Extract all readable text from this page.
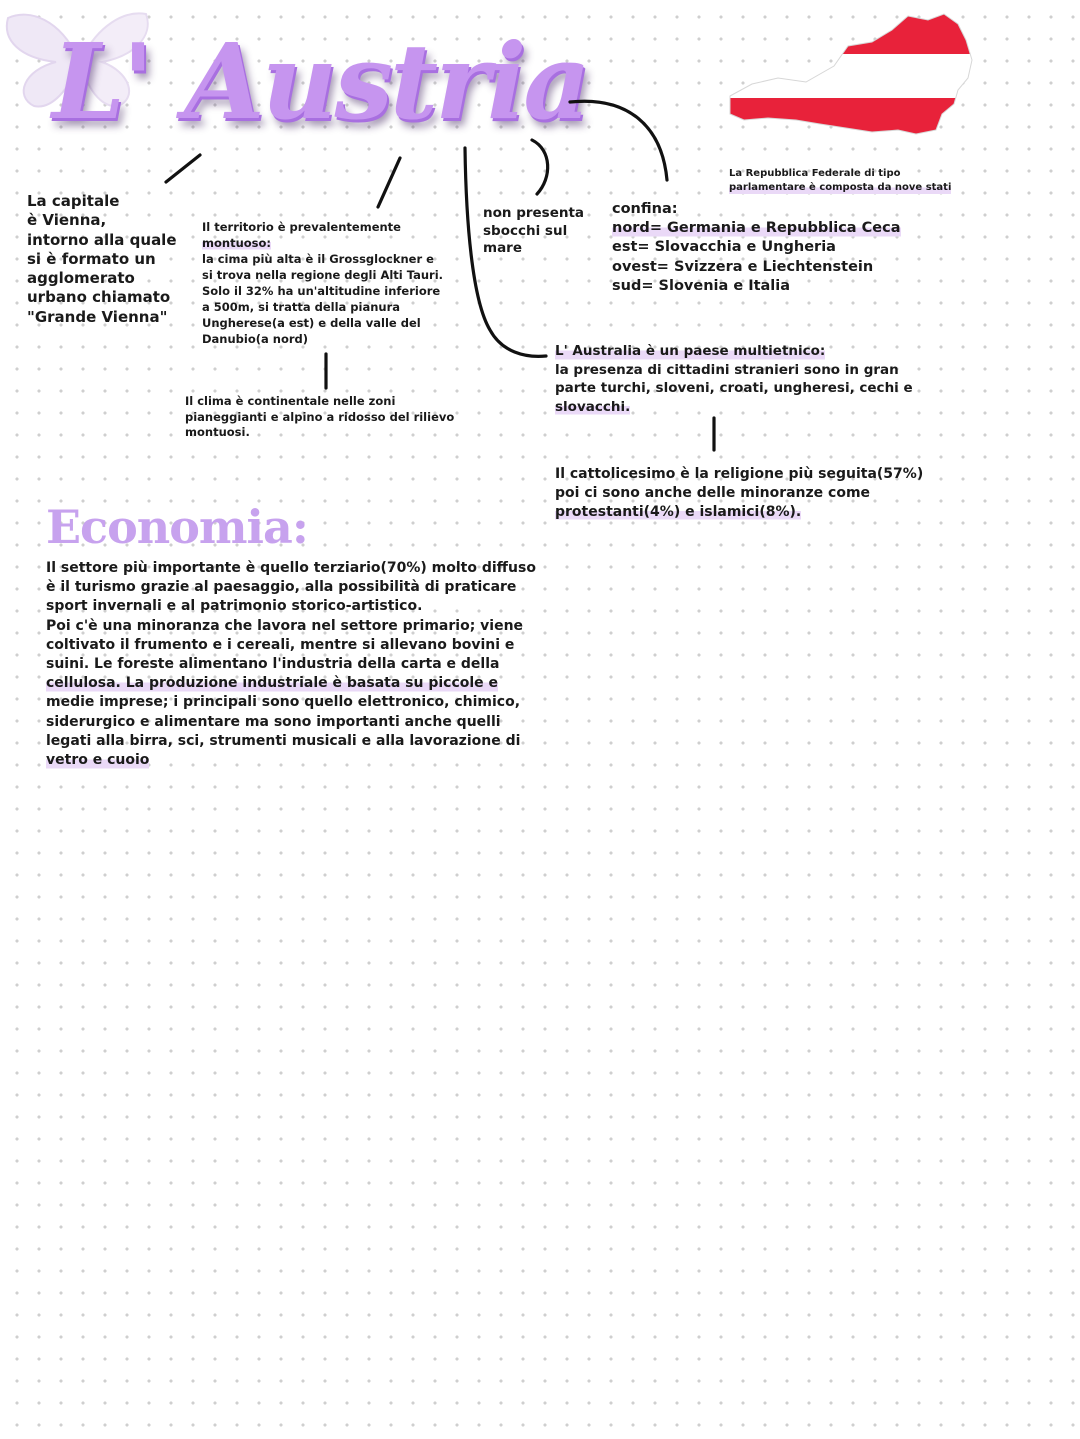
L' Austria
La capitale
è Vienna,
intorno alla quale
si è formato un
agglomerato
urbano chiamato
"Grande Vienna"
Il territorio è prevalentemente
montuoso:
la cima più alta è il Grossglockner e
si trova nella regione degli Alti Tauri.
Solo il 32% ha un'altitudine inferiore
a 500m, si tratta della pianura
Ungherese(a est) e della valle del
Danubio(a nord)
non presenta
sbocchi sul
mare
La Repubblica Federale di tipo
parlamentare è composta da nove stati
confina:
nord= Germania e Repubblica Ceca
est= Slovacchia e Ungheria
ovest= Svizzera e Liechtenstein
sud= Slovenia e Italia
Il clima è continentale nelle zoni
pianeggianti e alpino a ridosso del rilievo
montuosi.
L' Australia è un paese multietnico:
la presenza di cittadini stranieri sono in gran
parte turchi, sloveni, croati, ungheresi, cechi e
slovacchi.
Il cattolicesimo è la religione più seguita(57%)
poi ci sono anche delle minoranze come
protestanti(4%) e islamici(8%).
Economia:
Il settore più importante è quello terziario(70%) molto diffuso
è il turismo grazie al paesaggio, alla possibilità di praticare
sport invernali e al patrimonio storico-artistico.
Poi c'è una minoranza che lavora nel settore primario; viene
coltivato il frumento e i cereali, mentre si allevano bovini e
suini. Le foreste alimentano l'industria della carta e della
cellulosa. La produzione industriale è basata su piccole e
medie imprese; i principali sono quello elettronico, chimico,
siderurgico e alimentare ma sono importanti anche quelli
legati alla birra, sci, strumenti musicali e alla lavorazione di
vetro e cuoio
